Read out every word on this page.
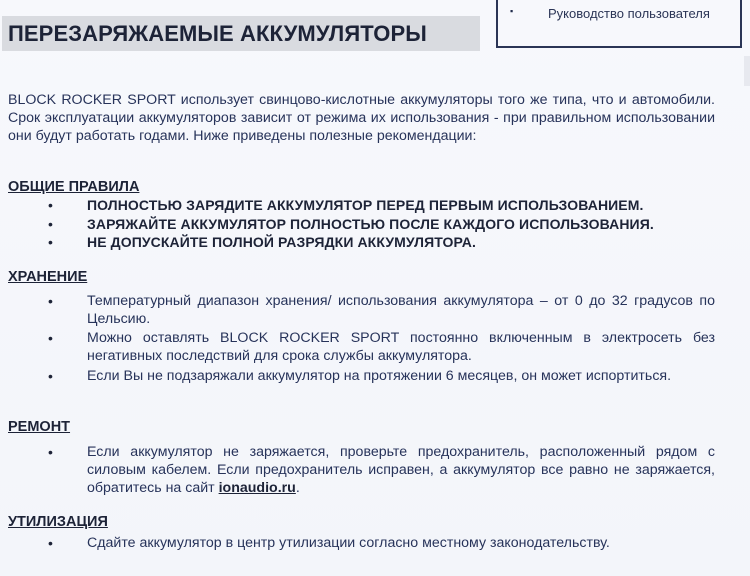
ПЕРЕЗАРЯЖАЕМЫЕ АККУМУЛЯТОРЫ
▪	Руководство пользователя

BLOCK ROCKER SPORT использует свинцово-кислотные аккумуляторы того же типа, что и автомобили. Срок эксплуатации аккумуляторов зависит от режима их использования - при правильном использовании они будут работать годами. Ниже приведены полезные рекомендации:

ОБЩИЕ ПРАВИЛА

• ПОЛНОСТЬЮ ЗАРЯДИТЕ АККУМУЛЯТОР ПЕРЕД ПЕРВЫМ ИСПОЛЬЗОВАНИЕМ.

• ЗАРЯЖАЙТЕ АККУМУЛЯТОР ПОЛНОСТЬЮ ПОСЛЕ КАЖДОГО ИСПОЛЬЗОВАНИЯ.

• НЕ ДОПУСКАЙТЕ ПОЛНОЙ РАЗРЯДКИ АККУМУЛЯТОРА.

ХРАНЕНИЕ

• Температурный диапазон хранения/ использования аккумулятора – от 0 до 32 градусов по Цельсию.

• Можно оставлять BLOCK ROCKER SPORT постоянно включенным в электросеть без негативных последствий для срока службы аккумулятора.

• Если Вы не подзаряжали аккумулятор на протяжении 6 месяцев, он может испортиться.

РЕМОНТ

• Если аккумулятор не заряжается, проверьте предохранитель, расположенный рядом с силовым кабелем. Если предохранитель исправен, а аккумулятор все равно не заряжается, обратитесь на сайт ionaudio.ru.

УТИЛИЗАЦИЯ

• Сдайте аккумулятор в центр утилизации согласно местному законодательству.
